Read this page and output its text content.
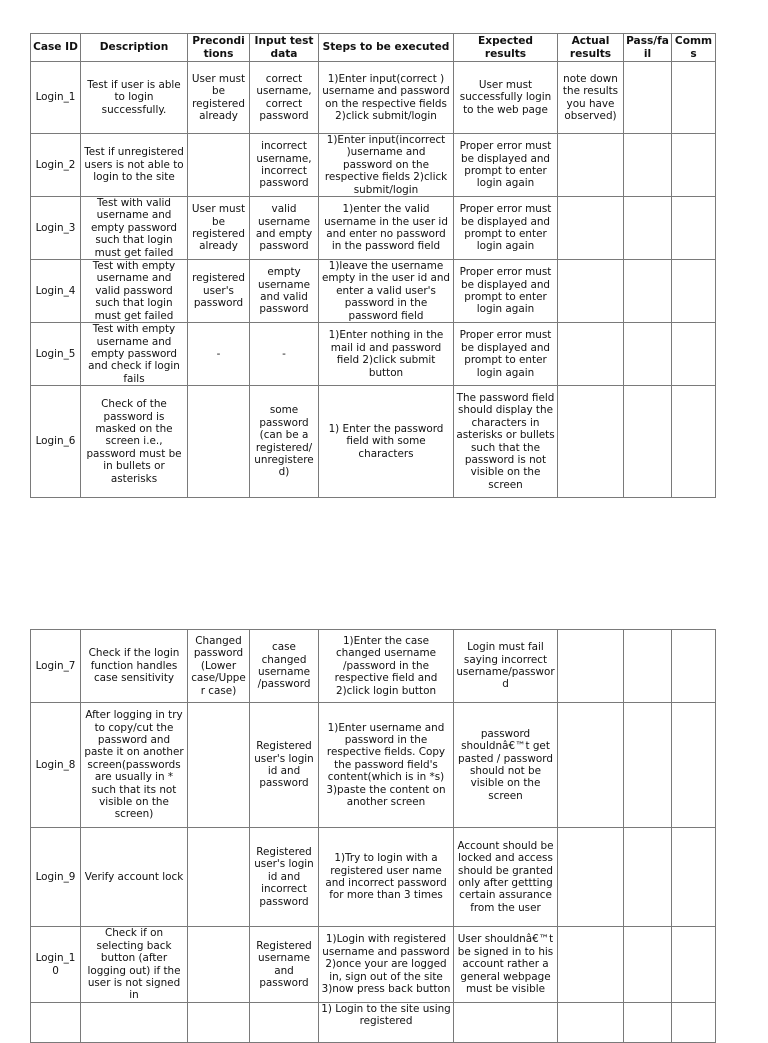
Case ID	Description	Preconditions	Input test data	Steps to be executed	Expected results	Actual results	Pass/fail	Comms
Login_1	Test if user is able to login successfully.	User must be registered already	correct username, correct password	1)Enter input(correct ) username and password on the respective fields 2)click submit/login	User must successfully login to the web page	note down the results you have observed)		
Login_2	Test if unregistered users is not able to login to the site		incorrect username, incorrect password	1)Enter input(incorrect )username and password on the respective fields 2)click submit/login	Proper error must be displayed and prompt to enter login again			
Login_3	Test with valid username and empty password such that login must get failed	User must be registered already	valid username and empty password	1)enter the valid username in the user id and enter no password in the password field	Proper error must be displayed and prompt to enter login again			
Login_4	Test with empty username and valid password such that login must get failed	registered user's password	empty username and valid password	1)leave the username empty in the user id and enter a valid user's password in the password field	Proper error must be displayed and prompt to enter login again			
Login_5	Test with empty username and empty password and check if login fails	-	-	1)Enter nothing in the mail id and password field 2)click submit button	Proper error must be displayed and prompt to enter login again			
Login_6	Check of the password is masked on the screen i.e., password must be in bullets or asterisks		some password (can be a registered/ unregistered)	1) Enter the password field with some characters	The password field should display the characters in asterisks or bullets such that the password is not visible on the screen			
Login_7	Check if the login function handles case sensitivity	Changed password (Lower case/Upper case)	case changed username /password	1)Enter the case changed username /password in the respective field and 2)click login button	Login must fail saying incorrect username/password			
Login_8	After logging in try to copy/cut the password and paste it on another screen(passwords are usually in * such that its not visible on the screen)		Registered user's login id and password	1)Enter username and password in the respective fields. Copy the password field's content(which is in *s) 3)paste the content on another screen	password shouldnâ€™t get pasted / password should not be visible on the screen			
Login_9	Verify account lock		Registered user's login id and incorrect password	1)Try to login with a registered user name and incorrect password for more than 3 times	Account should be locked and access should be granted only after gettting certain assurance from the user			
Login_10	Check if on selecting back button (after logging out) if the user is not signed in		Registered username and password	1)Login with registered username and password 2)once your are logged in, sign out of the site 3)now press back button	User shouldnâ€™t be signed in to his account rather a general webpage must be visible			
				1) Login to the site using registered				
